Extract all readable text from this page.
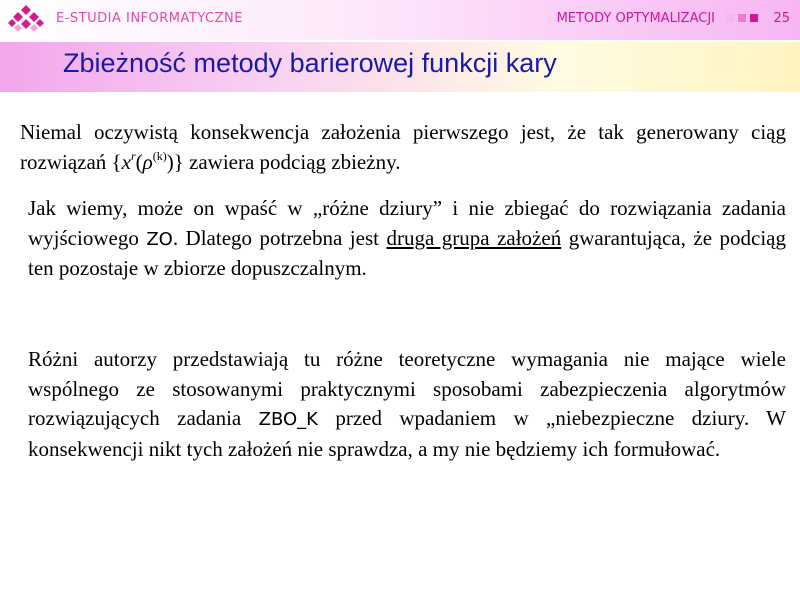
E-STUDIA INFORMATYCZNE	METODY OPTYMALIZACJI	25
Zbieżność metody barierowej funkcji kary
Niemal oczywistą konsekwencja założenia pierwszego jest, że tak generowany ciąg rozwiązań $\{x^r(\rho^{(k)})\}$ zawiera podciąg zbieżny.
Jak wiemy, może on wpaść w „różne dziury” i nie zbiegać do rozwiązania zadania wyjściowego ZO. Dlatego potrzebna jest druga grupa założeń gwarantująca, że podciąg ten pozostaje w zbiorze dopuszczalnym.
Różni autorzy przedstawiają tu różne teoretyczne wymagania nie mające wiele wspólnego ze stosowanymi praktycznymi sposobami zabezpieczenia algorytmów rozwiązujących zadania ZBO_K przed wpadaniem w „niebezpieczne dziury. W konsekwencji nikt tych założeń nie sprawdza, a my nie będziemy ich formułować.
